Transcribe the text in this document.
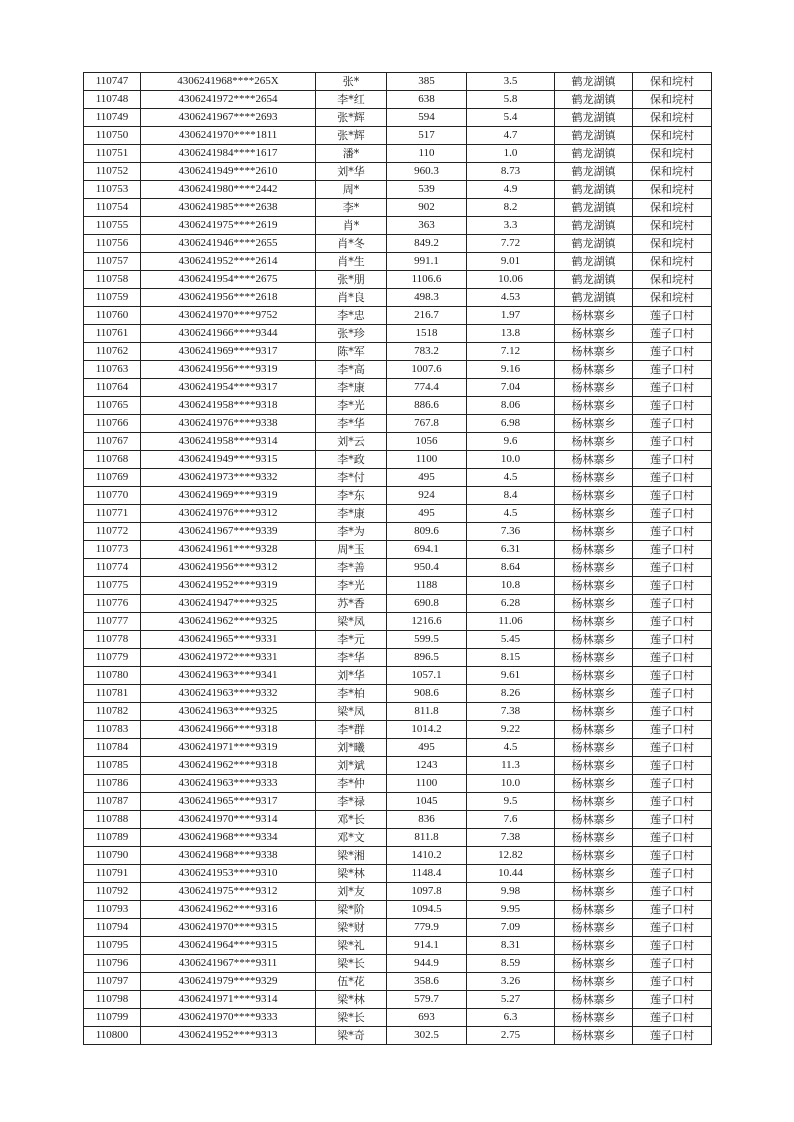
110747	4306241968****265X	张*	385	3.5	鹤龙湖镇	保和垸村
110748	4306241972****2654	李*红	638	5.8	鹤龙湖镇	保和垸村
110749	4306241967****2693	张*辉	594	5.4	鹤龙湖镇	保和垸村
110750	4306241970****1811	张*辉	517	4.7	鹤龙湖镇	保和垸村
110751	4306241984****1617	潘*	110	1.0	鹤龙湖镇	保和垸村
110752	4306241949****2610	刘*华	960.3	8.73	鹤龙湖镇	保和垸村
110753	4306241980****2442	周*	539	4.9	鹤龙湖镇	保和垸村
110754	4306241985****2638	李*	902	8.2	鹤龙湖镇	保和垸村
110755	4306241975****2619	肖*	363	3.3	鹤龙湖镇	保和垸村
110756	4306241946****2655	肖*冬	849.2	7.72	鹤龙湖镇	保和垸村
110757	4306241952****2614	肖*生	991.1	9.01	鹤龙湖镇	保和垸村
110758	4306241954****2675	张*朋	1106.6	10.06	鹤龙湖镇	保和垸村
110759	4306241956****2618	肖*良	498.3	4.53	鹤龙湖镇	保和垸村
110760	4306241970****9752	李*忠	216.7	1.97	杨林寨乡	莲子口村
110761	4306241966****9344	张*珍	1518	13.8	杨林寨乡	莲子口村
110762	4306241969****9317	陈*军	783.2	7.12	杨林寨乡	莲子口村
110763	4306241956****9319	李*高	1007.6	9.16	杨林寨乡	莲子口村
110764	4306241954****9317	李*康	774.4	7.04	杨林寨乡	莲子口村
110765	4306241958****9318	李*光	886.6	8.06	杨林寨乡	莲子口村
110766	4306241976****9338	李*华	767.8	6.98	杨林寨乡	莲子口村
110767	4306241958****9314	刘*云	1056	9.6	杨林寨乡	莲子口村
110768	4306241949****9315	李*政	1100	10.0	杨林寨乡	莲子口村
110769	4306241973****9332	李*付	495	4.5	杨林寨乡	莲子口村
110770	4306241969****9319	李*东	924	8.4	杨林寨乡	莲子口村
110771	4306241976****9312	李*康	495	4.5	杨林寨乡	莲子口村
110772	4306241967****9339	李*为	809.6	7.36	杨林寨乡	莲子口村
110773	4306241961****9328	周*玉	694.1	6.31	杨林寨乡	莲子口村
110774	4306241956****9312	李*善	950.4	8.64	杨林寨乡	莲子口村
110775	4306241952****9319	李*光	1188	10.8	杨林寨乡	莲子口村
110776	4306241947****9325	苏*香	690.8	6.28	杨林寨乡	莲子口村
110777	4306241962****9325	梁*凤	1216.6	11.06	杨林寨乡	莲子口村
110778	4306241965****9331	李*元	599.5	5.45	杨林寨乡	莲子口村
110779	4306241972****9331	李*华	896.5	8.15	杨林寨乡	莲子口村
110780	4306241963****9341	刘*华	1057.1	9.61	杨林寨乡	莲子口村
110781	4306241963****9332	李*柏	908.6	8.26	杨林寨乡	莲子口村
110782	4306241963****9325	梁*凤	811.8	7.38	杨林寨乡	莲子口村
110783	4306241966****9318	李*群	1014.2	9.22	杨林寨乡	莲子口村
110784	4306241971****9319	刘*曦	495	4.5	杨林寨乡	莲子口村
110785	4306241962****9318	刘*斌	1243	11.3	杨林寨乡	莲子口村
110786	4306241963****9333	李*仲	1100	10.0	杨林寨乡	莲子口村
110787	4306241965****9317	李*禄	1045	9.5	杨林寨乡	莲子口村
110788	4306241970****9314	邓*长	836	7.6	杨林寨乡	莲子口村
110789	4306241968****9334	邓*文	811.8	7.38	杨林寨乡	莲子口村
110790	4306241968****9338	梁*湘	1410.2	12.82	杨林寨乡	莲子口村
110791	4306241953****9310	梁*林	1148.4	10.44	杨林寨乡	莲子口村
110792	4306241975****9312	刘*友	1097.8	9.98	杨林寨乡	莲子口村
110793	4306241962****9316	梁*阶	1094.5	9.95	杨林寨乡	莲子口村
110794	4306241970****9315	梁*财	779.9	7.09	杨林寨乡	莲子口村
110795	4306241964****9315	梁*礼	914.1	8.31	杨林寨乡	莲子口村
110796	4306241967****9311	梁*长	944.9	8.59	杨林寨乡	莲子口村
110797	4306241979****9329	伍*花	358.6	3.26	杨林寨乡	莲子口村
110798	4306241971****9314	梁*林	579.7	5.27	杨林寨乡	莲子口村
110799	4306241970****9333	梁*长	693	6.3	杨林寨乡	莲子口村
110800	4306241952****9313	梁*奇	302.5	2.75	杨林寨乡	莲子口村
